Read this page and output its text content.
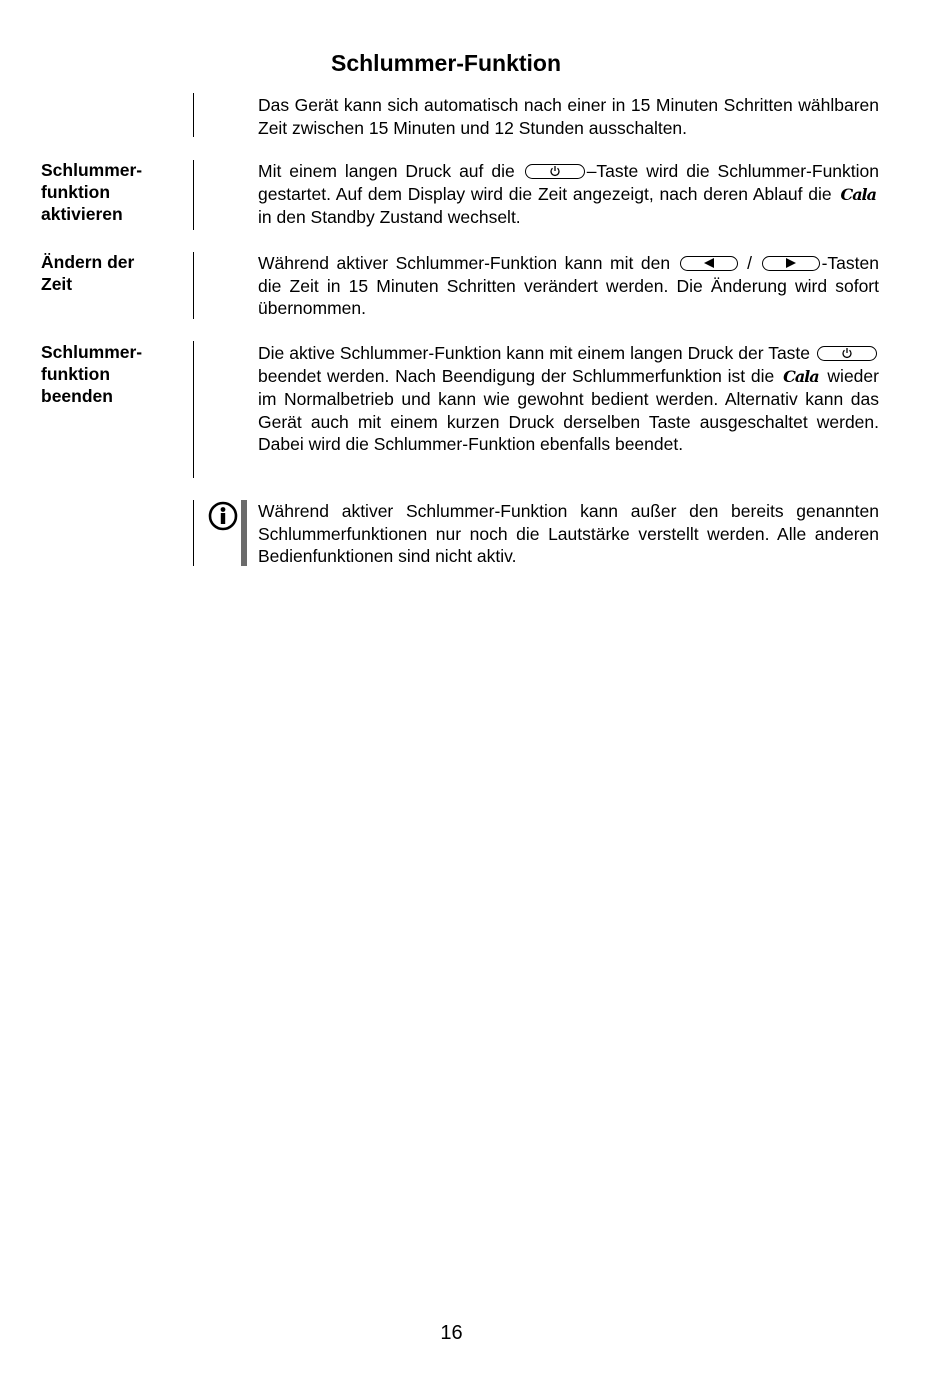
Schlummer-Funktion
Das Gerät kann sich automatisch nach einer in 15 Minuten Schritten wählbaren Zeit zwischen 15 Minuten und 12 Stunden ausschalten.
Schlummer-
funktion
aktivieren
Mit einem langen Druck auf die	–Taste wird die Schlummer-Funktion gestartet. Auf dem Display wird die Zeit angezeigt, nach deren Ablauf die Cala in den Standby Zustand wechselt.
Ändern der
Zeit
Während aktiver Schlummer-Funktion kann mit den	/	-Tasten die Zeit in 15 Minuten Schritten verändert werden. Die Änderung wird sofort übernommen.
Schlummer-
funktion
beenden
Die aktive Schlummer-Funktion kann mit einem langen Druck der Taste
beendet werden. Nach Beendigung der Schlummerfunktion ist die Cala wieder im Normalbetrieb und kann wie gewohnt bedient werden. Alternativ kann das Gerät auch mit einem kurzen Druck derselben Taste ausgeschaltet werden. Dabei wird die Schlummer-Funktion ebenfalls beendet.
Während aktiver Schlummer-Funktion kann außer den bereits genannten Schlummerfunktionen nur noch die Lautstärke verstellt werden. Alle anderen Bedienfunktionen sind nicht aktiv.
16
